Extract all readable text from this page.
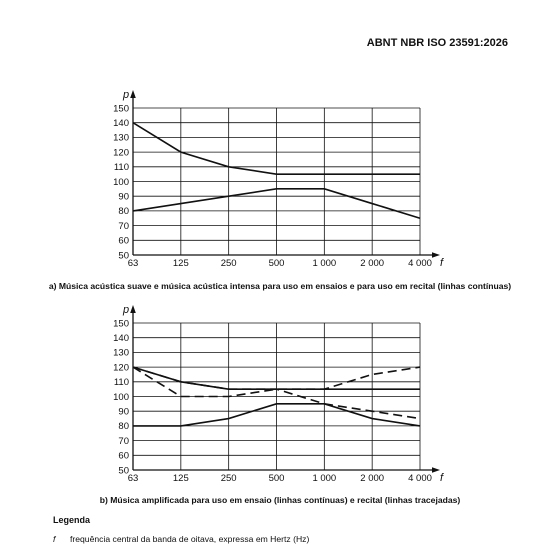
ABNT NBR ISO 23591:2026
50
60
70
80
90
100
110
120
130
140
150
63	125	250	500	1 000	2 000	4 000
p
f
a) Música acústica suave e música acústica intensa para uso em ensaios e para uso em recital (linhas contínuas)
50
60
70
80
90
100
110
120
130
140
150
63	125	250	500	1 000	2 000	4 000
p
f
b) Música amplificada para uso em ensaio (linhas contínuas) e recital (linhas tracejadas)
Legenda
f frequência central da banda de oitava, expressa em Hertz (Hz)
